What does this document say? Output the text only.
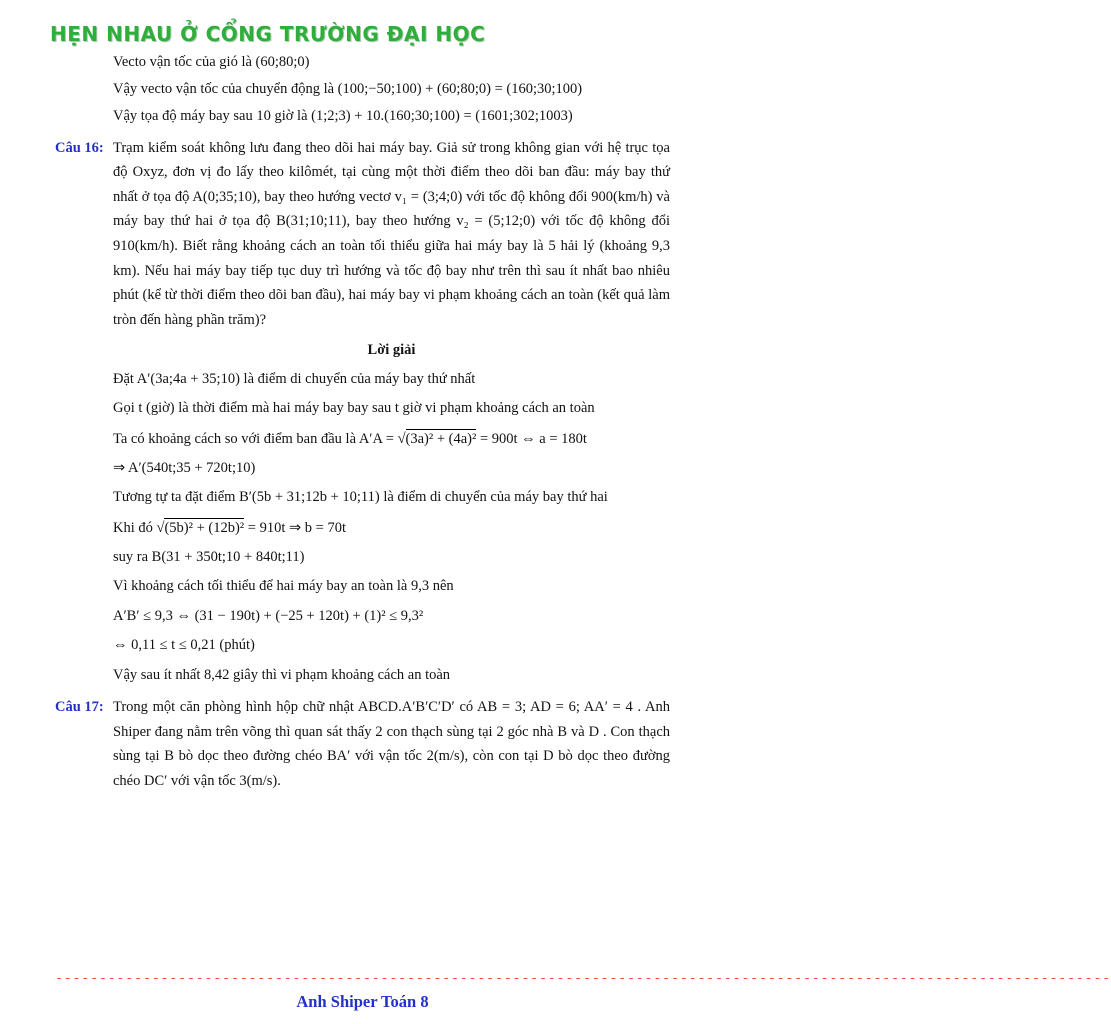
HẸN NHAU Ở CỔNG TRƯỜNG ĐẠI HỌC

Vecto vận tốc của gió là (60;80;0)

Vậy vecto vận tốc của chuyển động là (100;−50;100) + (60;80;0) = (160;30;100)

Vậy tọa độ máy bay sau 10 giờ là (1;2;3) + 10.(160;30;100) = (1601;302;1003)

Câu 16: Trạm kiểm soát không lưu đang theo dõi hai máy bay. Giả sử trong không gian với hệ trục tọa độ Oxyz, đơn vị đo lấy theo kilômét, tại cùng một thời điểm theo dõi ban đầu: máy bay thứ nhất ở tọa độ A(0;35;10), bay theo hướng vectơ v₁ = (3;4;0) với tốc độ không đổi 900(km/h) và máy bay thứ hai ở tọa độ B(31;10;11), bay theo hướng v₂ = (5;12;0) với tốc độ không đổi 910(km/h). Biết rằng khoảng cách an toàn tối thiểu giữa hai máy bay là 5 hải lý (khoảng 9,3 km). Nếu hai máy bay tiếp tục duy trì hướng và tốc độ bay như trên thì sau ít nhất bao nhiêu phút (kể từ thời điểm theo dõi ban đầu), hai máy bay vi phạm khoảng cách an toàn (kết quả làm tròn đến hàng phần trăm)?

Lời giải

Đặt A′(3a;4a + 35;10) là điểm di chuyển của máy bay thứ nhất

Gọi t (giờ) là thời điểm mà hai máy bay bay sau t giờ vi phạm khoảng cách an toàn

Ta có khoảng cách so với điểm ban đầu là A′A = √(3a)² + (4a)² = 900t ⇔ a = 180t

⇒ A′(540t;35 + 720t;10)

Tương tự ta đặt điểm B′(5b + 31;12b + 10;11) là điểm di chuyển của máy bay thứ hai

Khi đó √(5b)² + (12b)² = 910t ⇒ b = 70t

suy ra B(31 + 350t;10 + 840t;11)

Vì khoảng cách tối thiểu để hai máy bay an toàn là 9,3 nên

A′B′ ≤ 9,3 ⇔ (31 − 190t) + (−25 + 120t) + (1)² ≤ 9,3²

⇔ 0,11 ≤ t ≤ 0,21 (phút)

Vậy sau ít nhất 8,42 giây thì vi phạm khoảng cách an toàn

Câu 17: Trong một căn phòng hình hộp chữ nhật ABCD.A′B′C′D′ có AB = 3; AD = 6; AA′ = 4 . Anh Shiper đang nằm trên võng thì quan sát thấy 2 con thạch sùng tại 2 góc nhà B và D . Con thạch sùng tại B bò dọc theo đường chéo BA′ với vận tốc 2(m/s), còn con tại D bò dọc theo đường chéo DC′ với vận tốc 3(m/s).
------------------------------------------------------------------------------------------------------------------------
Anh Shiper Toán 8
